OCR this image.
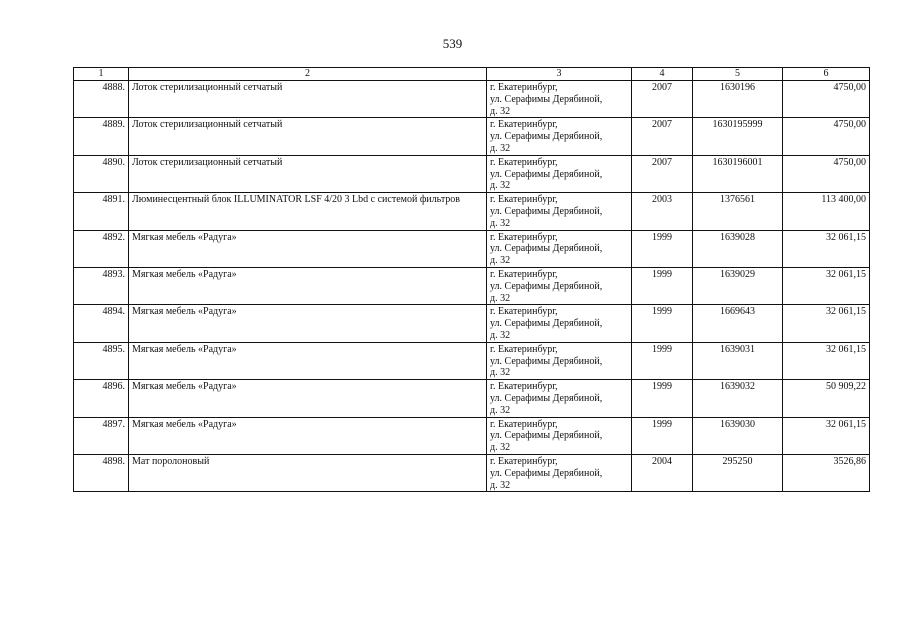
539
1	2	3	4	5	6
4888.	Лоток стерилизационный сетчатый	г. Екатеринбург,
ул. Серафимы Дерябиной,
д. 32	2007	1630196	4750,00
4889.	Лоток стерилизационный сетчатый	г. Екатеринбург,
ул. Серафимы Дерябиной,
д. 32	2007	1630195999	4750,00
4890.	Лоток стерилизационный сетчатый	г. Екатеринбург,
ул. Серафимы Дерябиной,
д. 32	2007	1630196001	4750,00
4891.	Люминесцентный блок ILLUMINATOR LSF 4/20 3 Lbd с системой фильтров	г. Екатеринбург,
ул. Серафимы Дерябиной,
д. 32	2003	1376561	113 400,00
4892.	Мягкая мебель «Радуга»	г. Екатеринбург,
ул. Серафимы Дерябиной,
д. 32	1999	1639028	32 061,15
4893.	Мягкая мебель «Радуга»	г. Екатеринбург,
ул. Серафимы Дерябиной,
д. 32	1999	1639029	32 061,15
4894.	Мягкая мебель «Радуга»	г. Екатеринбург,
ул. Серафимы Дерябиной,
д. 32	1999	1669643	32 061,15
4895.	Мягкая мебель «Радуга»	г. Екатеринбург,
ул. Серафимы Дерябиной,
д. 32	1999	1639031	32 061,15
4896.	Мягкая мебель «Радуга»	г. Екатеринбург,
ул. Серафимы Дерябиной,
д. 32	1999	1639032	50 909,22
4897.	Мягкая мебель «Радуга»	г. Екатеринбург,
ул. Серафимы Дерябиной,
д. 32	1999	1639030	32 061,15
4898.	Мат поролоновый	г. Екатеринбург,
ул. Серафимы Дерябиной,
д. 32	2004	295250	3526,86
